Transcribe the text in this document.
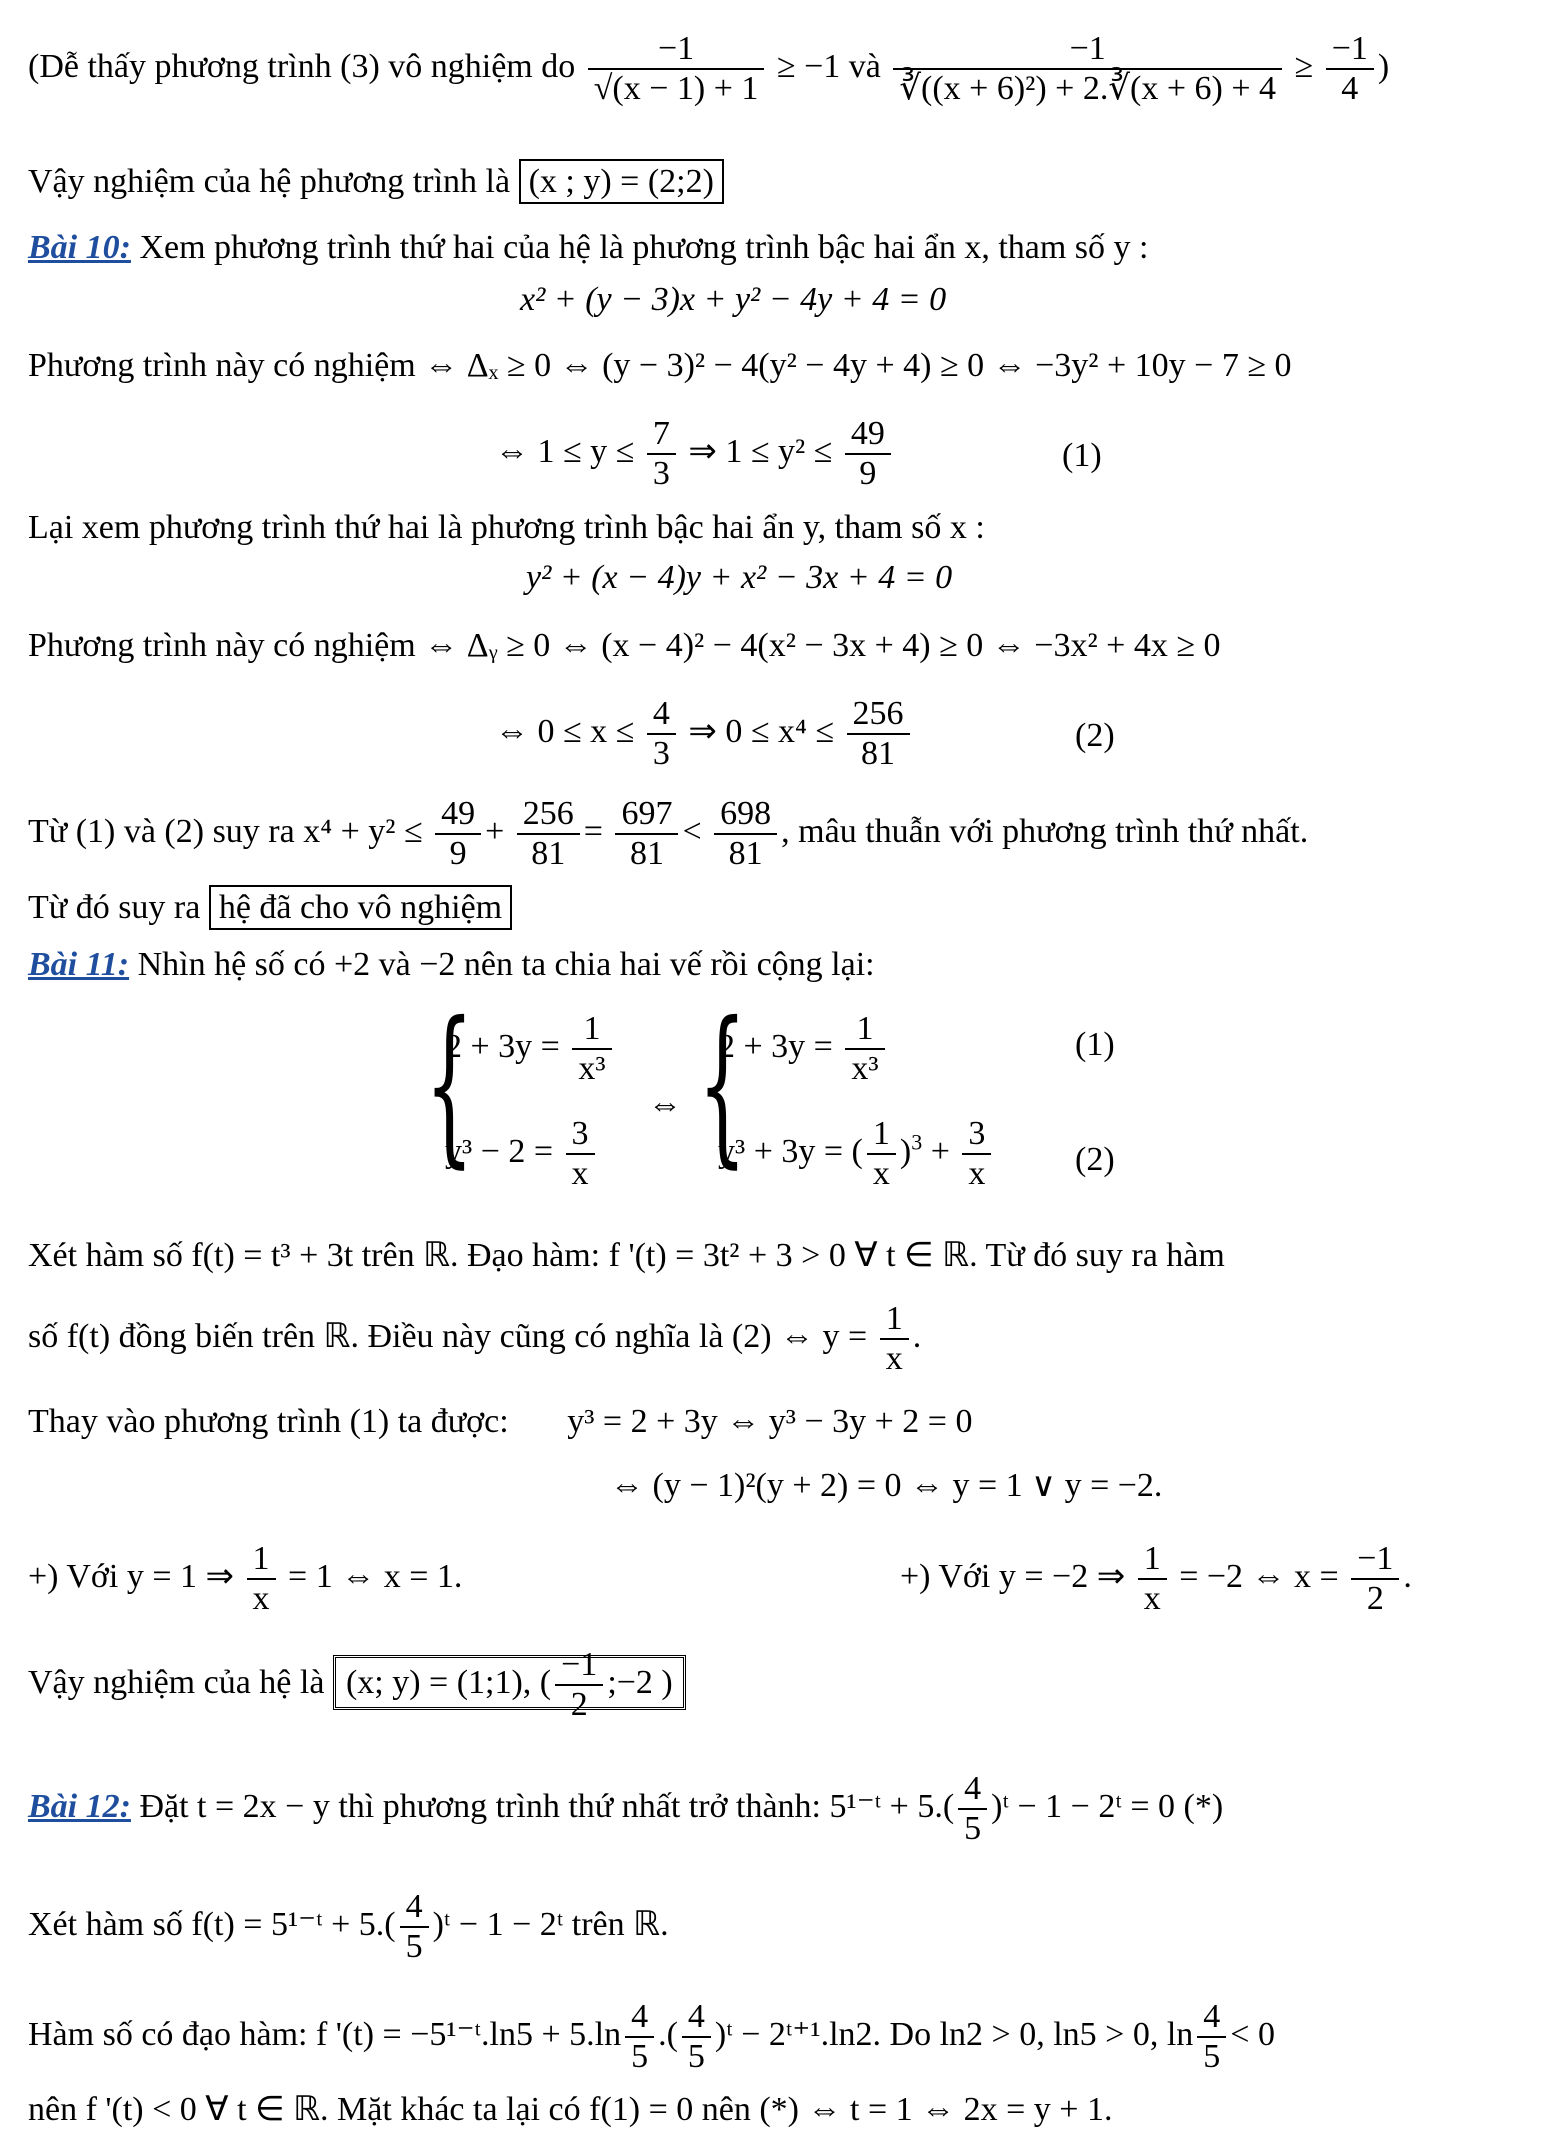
(Dễ thấy phương trình (3) vô nghiệm do $\frac{-1}{√(x - 1) + 1} \ge -1$ và $\frac{-1}{\text{∛((x + 6)²) + 2.∛(x + 6) + 4}} \ge \frac{-1}{4}$ )
Vậy nghiệm của hệ phương trình là (x ; y) = (2;2)
Bài 10: Xem phương trình thứ hai của hệ là phương trình bậc hai ẩn x, tham số y :
x² + (y − 3)x + y² − 4y + 4 = 0
Phương trình này có nghiệm ⇔ Δₓ ≥ 0 ⇔ (y − 3)² − 4(y² − 4y + 4) ≥ 0 ⇔ −3y² + 10y − 7 ≥ 0
⇔ $1 \le y \le \frac{7}{3}$ ⇒ $1 \le y^2 \le \frac{49}{9}$	(1)
Lại xem phương trình thứ hai là phương trình bậc hai ẩn y, tham số x :
y² + (x − 4)y + x² − 3x + 4 = 0
Phương trình này có nghiệm ⇔ Δᵧ ≥ 0 ⇔ (x − 4)² − 4(x² − 3x + 4) ≥ 0 ⇔ −3x² + 4x ≥ 0
⇔ $0 \le x \le \frac{4}{3}$ ⇒ $0 \le x^4 \le \frac{256}{81}$	(2)
Từ (1) và (2) suy ra $x^4 + y^2 \le \frac{49}{9} + \frac{256}{81} = \frac{697}{81} < \frac{698}{81}$ , mâu thuẫn với phương trình thứ nhất.
Từ đó suy ra hệ đã cho vô nghiệm
Bài 11: Nhìn hệ số có +2 và −2 nên ta chia hai vế rồi cộng lại:
{
$2 + 3y = \frac{1}{\text{x³}}$
$y^3 - 2 = \frac{3}{x}$
⇔ {
$2 + 3y = \frac{1}{\text{x³}}$	(1)
y³ + 3y = ( $\frac{1}{x} )^3 + \frac{3}{x} (2)$
Xét hàm số f(t) = t³ + 3t trên ℝ. Đạo hàm: f '(t) = 3t² + 3 > 0 ∀ t ∈ ℝ. Từ đó suy ra hàm
số f(t) đồng biến trên ℝ. Điều này cũng có nghĩa là (2) ⇔ $y = \frac{1}{x}$ .
Thay vào phương trình (1) ta được: y³ = 2 + 3y ⇔ y³ − 3y + 2 = 0
⇔ (y − 1)²(y + 2) = 0 ⇔ y = 1 ∨ y = −2.
+) Với y = 1 ⇒ $\frac{1}{x} = 1$ ⇔ x = 1.	+) Với y = −2 ⇒ $\frac{1}{x} = -2$ ⇔ $x = \frac{-1}{2}$ .
Vậy nghiệm của hệ là (x; y) = (1;1), ( $\frac{-1}{2}$ ;−2 )
Bài 12: Đặt t = 2x − y thì phương trình thứ nhất trở thành: 5¹⁻ᵗ + $5.( \frac{4}{5}$ )ᵗ − 1 − 2ᵗ = 0 (*)
Xét hàm số f(t) = 5¹⁻ᵗ + $5.( \frac{4}{5}$ )ᵗ − 1 − 2ᵗ trên ℝ.
Hàm số có đạo hàm: f '(t) = −5¹⁻ᵗ.ln5 + $5.\ln \frac{4}{5}$ .( $\frac{4}{5}$ )ᵗ − 2ᵗ⁺¹.ln2. Do ln2 > 0, ln5 > 0, $\ln \frac{4}{5} < 0$
nên f '(t) < 0 ∀ t ∈ ℝ. Mặt khác ta lại có f(1) = 0 nên (*) ⇔ t = 1 ⇔ 2x = y + 1.
